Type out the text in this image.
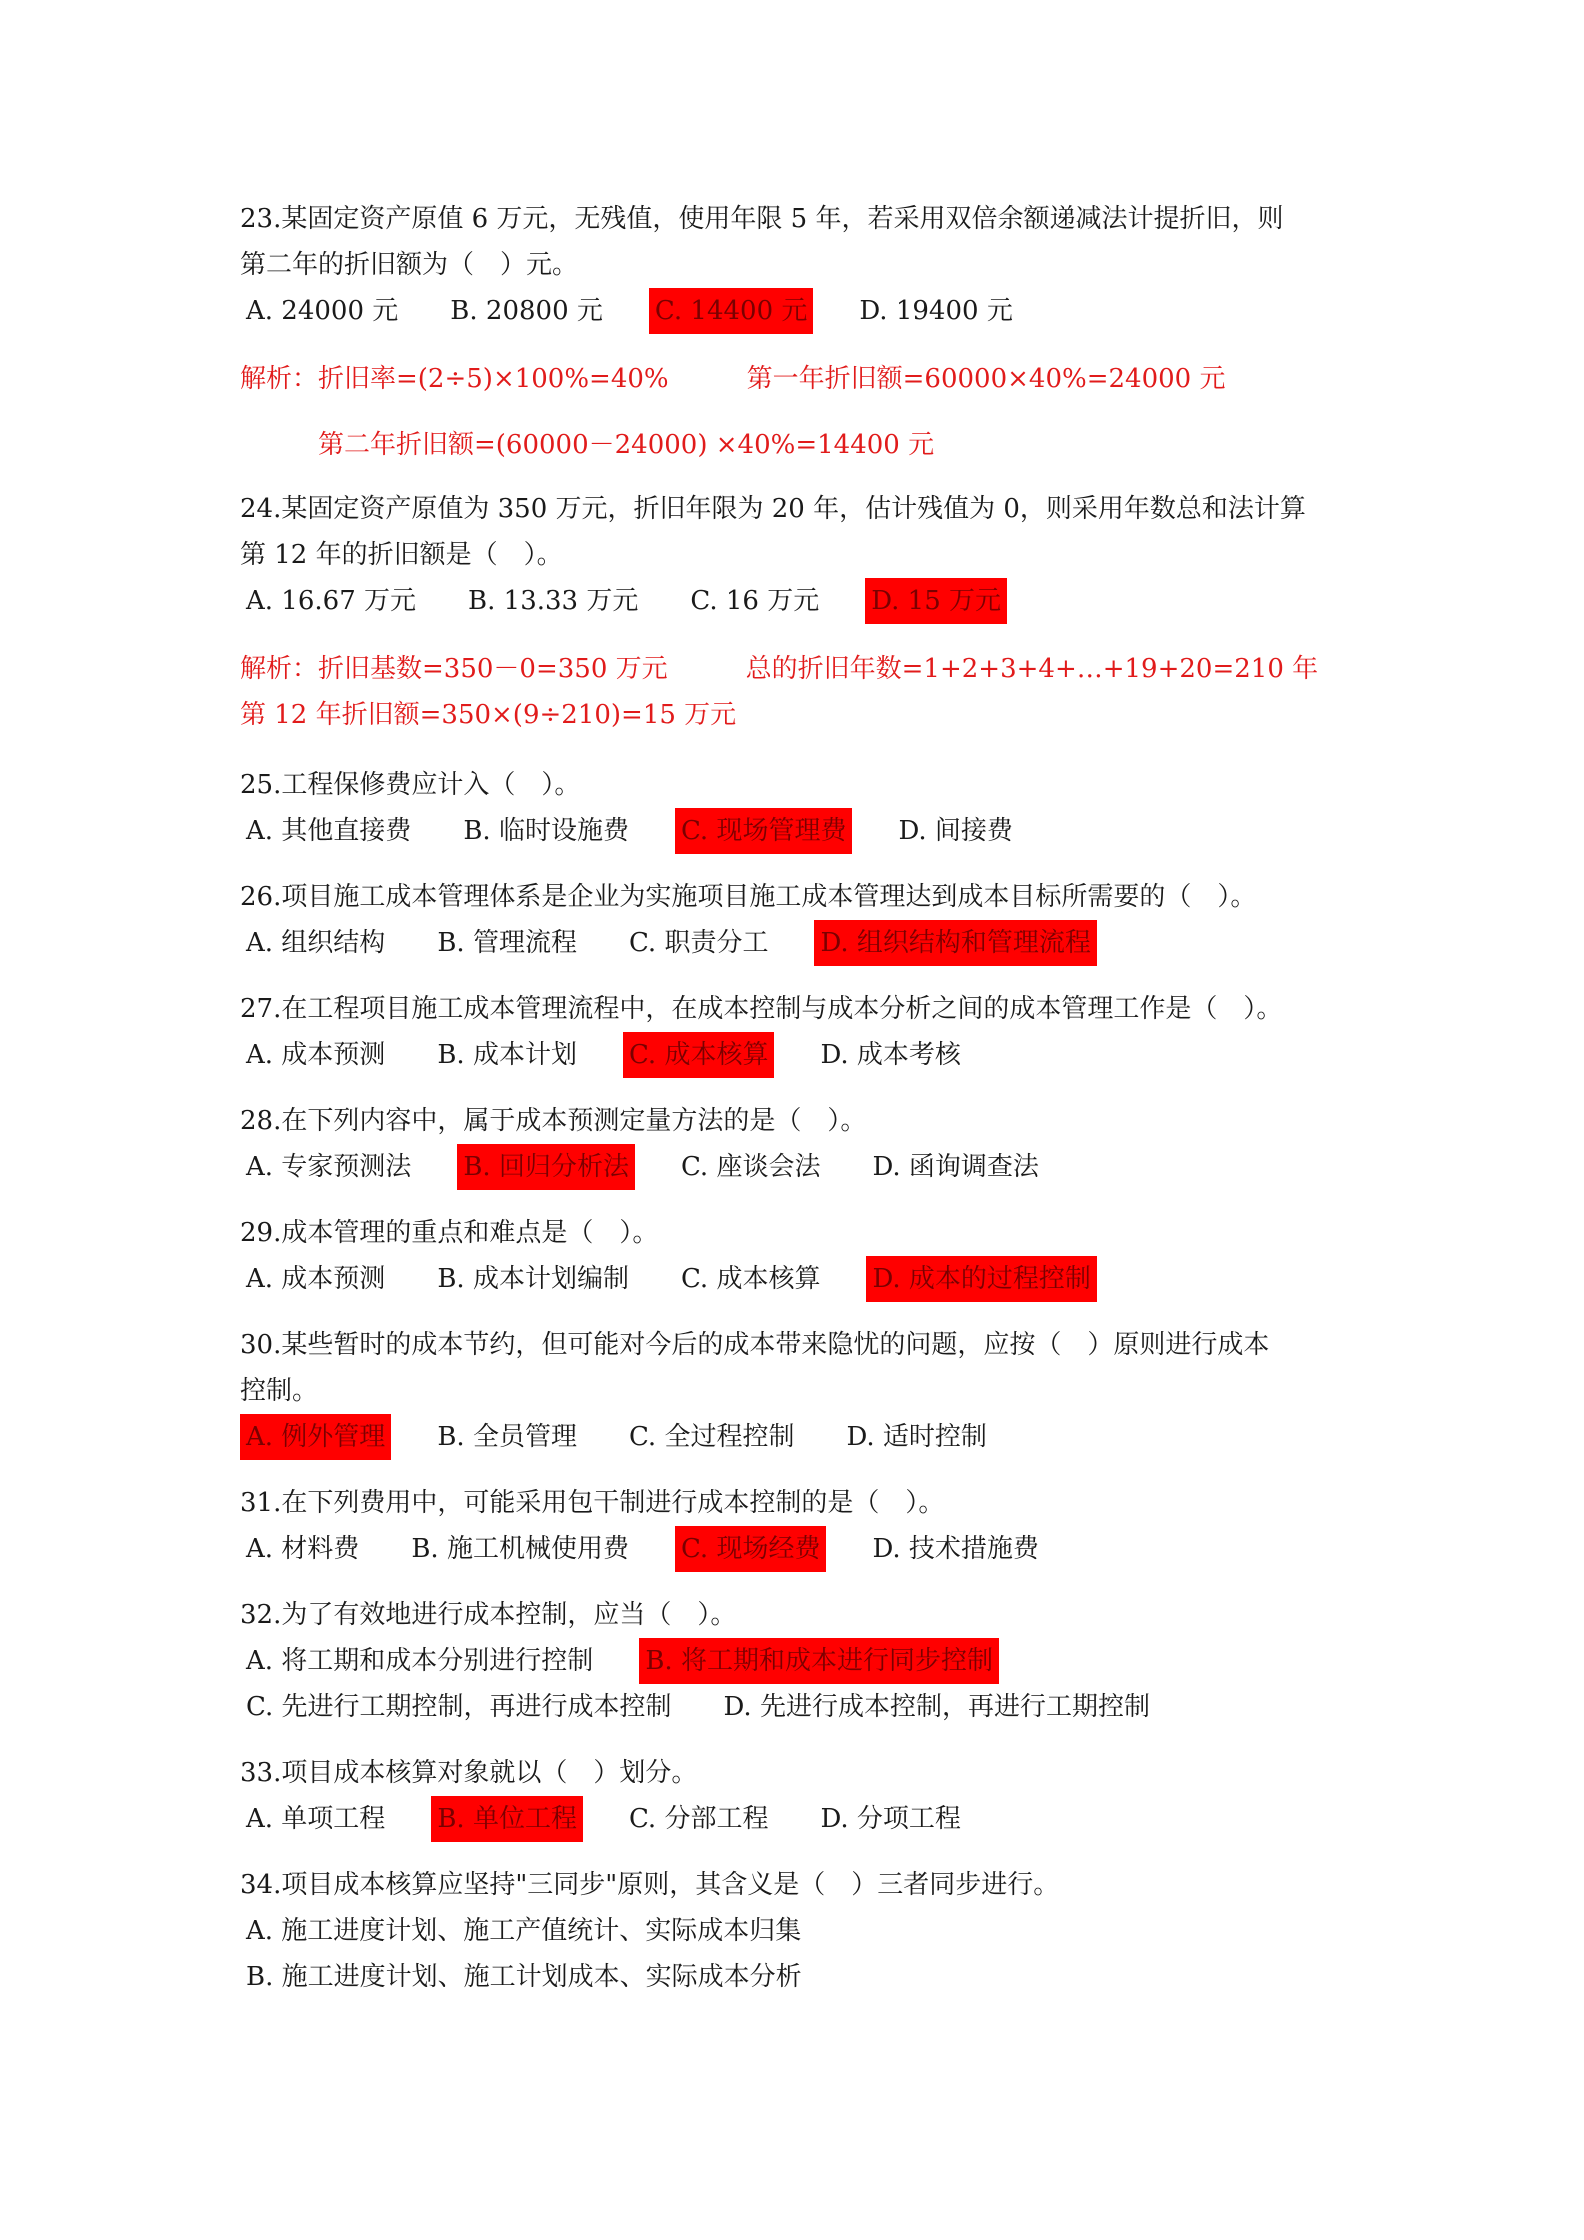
23.某固定资产原值 6 万元，无残值，使用年限 5 年，若采用双倍余额递减法计提折旧，则
第二年的折旧额为（　）元。
A. 24000 元 B. 20800 元 C. 14400 元 D. 19400 元
解析：折旧率=(2÷5)×100%=40%　　　第一年折旧额=60000×40%=24000 元
　　　第二年折旧额=(60000－24000) ×40%=14400 元
24.某固定资产原值为 350 万元，折旧年限为 20 年，估计残值为 0，则采用年数总和法计算
第 12 年的折旧额是（　）。
A. 16.67 万元 B. 13.33 万元 C. 16 万元 D. 15 万元
解析：折旧基数=350－0=350 万元　　　总的折旧年数=1+2+3+4+…+19+20=210 年
第 12 年折旧额=350×(9÷210)=15 万元
25.工程保修费应计入（　）。
A. 其他直接费 B. 临时设施费 C. 现场管理费 D. 间接费
26.项目施工成本管理体系是企业为实施项目施工成本管理达到成本目标所需要的（　）。
A. 组织结构 B. 管理流程 C. 职责分工 D. 组织结构和管理流程
27.在工程项目施工成本管理流程中，在成本控制与成本分析之间的成本管理工作是（　）。
A. 成本预测 B. 成本计划 C. 成本核算 D. 成本考核
28.在下列内容中，属于成本预测定量方法的是（　）。
A. 专家预测法 B. 回归分析法 C. 座谈会法 D. 函询调查法
29.成本管理的重点和难点是（　）。
A. 成本预测 B. 成本计划编制 C. 成本核算 D. 成本的过程控制
30.某些暂时的成本节约，但可能对今后的成本带来隐忧的问题，应按（　）原则进行成本
控制。
A. 例外管理 B. 全员管理 C. 全过程控制 D. 适时控制
31.在下列费用中，可能采用包干制进行成本控制的是（　）。
A. 材料费 B. 施工机械使用费 C. 现场经费 D. 技术措施费
32.为了有效地进行成本控制，应当（　）。
A. 将工期和成本分别进行控制 B. 将工期和成本进行同步控制
C. 先进行工期控制，再进行成本控制 D. 先进行成本控制，再进行工期控制
33.项目成本核算对象就以（　）划分。
A. 单项工程 B. 单位工程 C. 分部工程 D. 分项工程
34.项目成本核算应坚持"三同步"原则，其含义是（　）三者同步进行。
A. 施工进度计划、施工产值统计、实际成本归集
B. 施工进度计划、施工计划成本、实际成本分析
